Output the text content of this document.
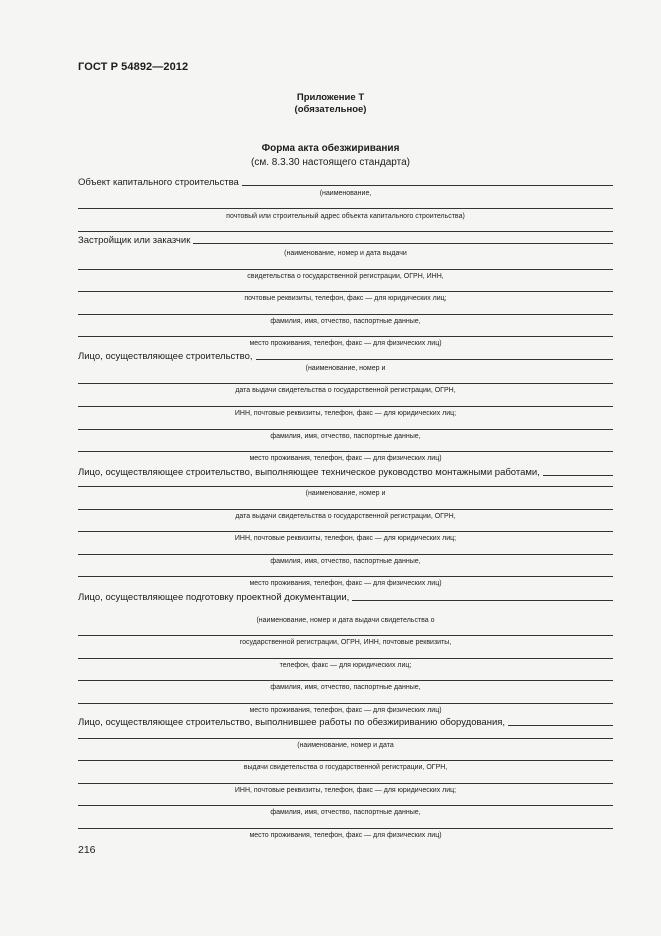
ГОСТ Р 54892—2012
Приложение Т
(обязательное)
Форма акта обезжиривания
(см. 8.3.30 настоящего стандарта)
Объект капитального строительства
(наименование,
почтовый или строительный адрес объекта капитального строительства)
Застройщик или заказчик
(наименование, номер и дата выдачи
свидетельства о государственной регистрации, ОГРН, ИНН,
почтовые реквизиты, телефон, факс — для юридических лиц;
фамилия, имя, отчество, паспортные данные,
место проживания, телефон, факс — для физических лиц)
Лицо, осуществляющее строительство,
(наименование, номер и
дата выдачи свидетельства о государственной регистрации, ОГРН,
ИНН, почтовые реквизиты, телефон, факс — для юридических лиц;
фамилия, имя, отчество, паспортные данные,
место проживания, телефон, факс — для физических лиц)
Лицо, осуществляющее строительство, выполняющее техническое руководство монтажными работами,
(наименование, номер и
дата выдачи свидетельства о государственной регистрации, ОГРН,
ИНН, почтовые реквизиты, телефон, факс — для юридических лиц;
фамилия, имя, отчество, паспортные данные,
место проживания, телефон, факс — для физических лиц)
Лицо, осуществляющее подготовку проектной документации,
(наименование, номер и дата выдачи свидетельства о
государственной регистрации, ОГРН, ИНН, почтовые реквизиты,
телефон, факс — для юридических лиц;
фамилия, имя, отчество, паспортные данные,
место проживания, телефон, факс — для физических лиц)
Лицо, осуществляющее строительство, выполнившее работы по обезжириванию оборудования,
(наименование, номер и дата
выдачи свидетельства о государственной регистрации, ОГРН,
ИНН, почтовые реквизиты, телефон, факс — для юридических лиц;
фамилия, имя, отчество, паспортные данные,
место проживания, телефон, факс — для физических лиц)
216
